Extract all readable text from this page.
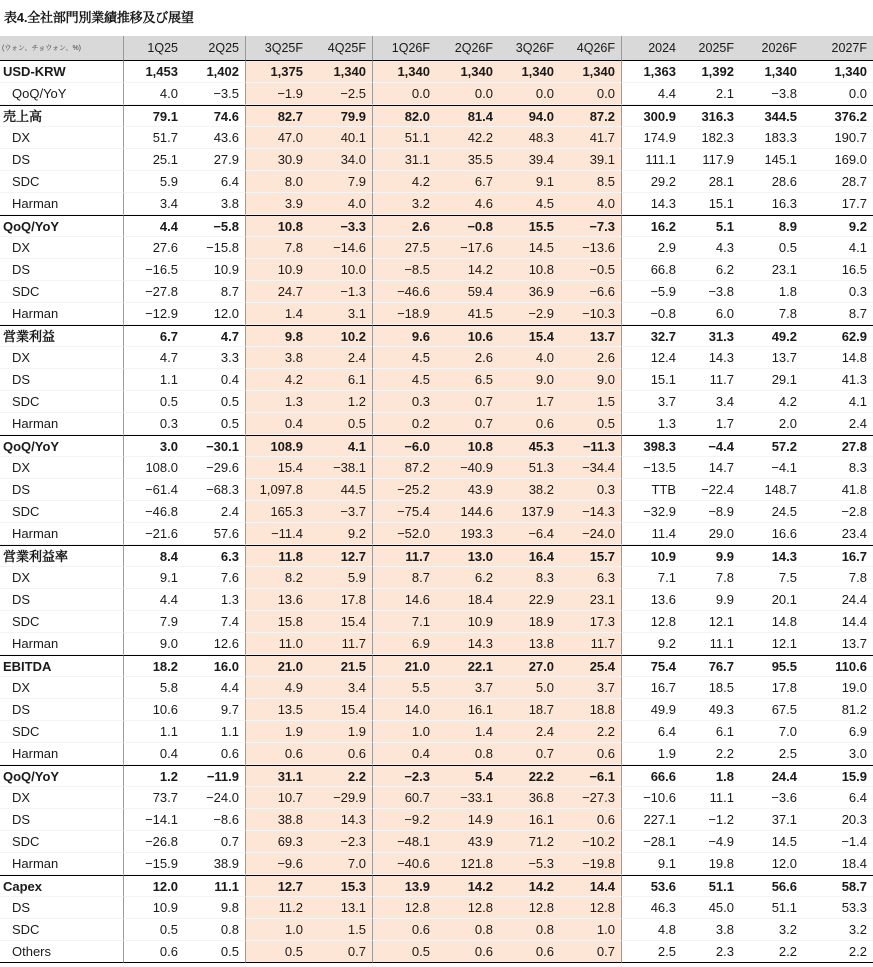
表4.全社部門別業績推移及び展望
(ウォン、チョウォン、%)	1Q25	2Q25	3Q25F	4Q25F	1Q26F	2Q26F	3Q26F	4Q26F	2024	2025F	2026F	2027F
USD-KRW	1,453	1,402	1,375	1,340	1,340	1,340	1,340	1,340	1,363	1,392	1,340	1,340
QoQ/YoY	4.0	−3.5	−1.9	−2.5	0.0	0.0	0.0	0.0	4.4	2.1	−3.8	0.0
売上高	79.1	74.6	82.7	79.9	82.0	81.4	94.0	87.2	300.9	316.3	344.5	376.2
DX	51.7	43.6	47.0	40.1	51.1	42.2	48.3	41.7	174.9	182.3	183.3	190.7
DS	25.1	27.9	30.9	34.0	31.1	35.5	39.4	39.1	111.1	117.9	145.1	169.0
SDC	5.9	6.4	8.0	7.9	4.2	6.7	9.1	8.5	29.2	28.1	28.6	28.7
Harman	3.4	3.8	3.9	4.0	3.2	4.6	4.5	4.0	14.3	15.1	16.3	17.7
QoQ/YoY	4.4	−5.8	10.8	−3.3	2.6	−0.8	15.5	−7.3	16.2	5.1	8.9	9.2
DX	27.6	−15.8	7.8	−14.6	27.5	−17.6	14.5	−13.6	2.9	4.3	0.5	4.1
DS	−16.5	10.9	10.9	10.0	−8.5	14.2	10.8	−0.5	66.8	6.2	23.1	16.5
SDC	−27.8	8.7	24.7	−1.3	−46.6	59.4	36.9	−6.6	−5.9	−3.8	1.8	0.3
Harman	−12.9	12.0	1.4	3.1	−18.9	41.5	−2.9	−10.3	−0.8	6.0	7.8	8.7
営業利益	6.7	4.7	9.8	10.2	9.6	10.6	15.4	13.7	32.7	31.3	49.2	62.9
DX	4.7	3.3	3.8	2.4	4.5	2.6	4.0	2.6	12.4	14.3	13.7	14.8
DS	1.1	0.4	4.2	6.1	4.5	6.5	9.0	9.0	15.1	11.7	29.1	41.3
SDC	0.5	0.5	1.3	1.2	0.3	0.7	1.7	1.5	3.7	3.4	4.2	4.1
Harman	0.3	0.5	0.4	0.5	0.2	0.7	0.6	0.5	1.3	1.7	2.0	2.4
QoQ/YoY	3.0	−30.1	108.9	4.1	−6.0	10.8	45.3	−11.3	398.3	−4.4	57.2	27.8
DX	108.0	−29.6	15.4	−38.1	87.2	−40.9	51.3	−34.4	−13.5	14.7	−4.1	8.3
DS	−61.4	−68.3	1,097.8	44.5	−25.2	43.9	38.2	0.3	TTB	−22.4	148.7	41.8
SDC	−46.8	2.4	165.3	−3.7	−75.4	144.6	137.9	−14.3	−32.9	−8.9	24.5	−2.8
Harman	−21.6	57.6	−11.4	9.2	−52.0	193.3	−6.4	−24.0	11.4	29.0	16.6	23.4
営業利益率	8.4	6.3	11.8	12.7	11.7	13.0	16.4	15.7	10.9	9.9	14.3	16.7
DX	9.1	7.6	8.2	5.9	8.7	6.2	8.3	6.3	7.1	7.8	7.5	7.8
DS	4.4	1.3	13.6	17.8	14.6	18.4	22.9	23.1	13.6	9.9	20.1	24.4
SDC	7.9	7.4	15.8	15.4	7.1	10.9	18.9	17.3	12.8	12.1	14.8	14.4
Harman	9.0	12.6	11.0	11.7	6.9	14.3	13.8	11.7	9.2	11.1	12.1	13.7
EBITDA	18.2	16.0	21.0	21.5	21.0	22.1	27.0	25.4	75.4	76.7	95.5	110.6
DX	5.8	4.4	4.9	3.4	5.5	3.7	5.0	3.7	16.7	18.5	17.8	19.0
DS	10.6	9.7	13.5	15.4	14.0	16.1	18.7	18.8	49.9	49.3	67.5	81.2
SDC	1.1	1.1	1.9	1.9	1.0	1.4	2.4	2.2	6.4	6.1	7.0	6.9
Harman	0.4	0.6	0.6	0.6	0.4	0.8	0.7	0.6	1.9	2.2	2.5	3.0
QoQ/YoY	1.2	−11.9	31.1	2.2	−2.3	5.4	22.2	−6.1	66.6	1.8	24.4	15.9
DX	73.7	−24.0	10.7	−29.9	60.7	−33.1	36.8	−27.3	−10.6	11.1	−3.6	6.4
DS	−14.1	−8.6	38.8	14.3	−9.2	14.9	16.1	0.6	227.1	−1.2	37.1	20.3
SDC	−26.8	0.7	69.3	−2.3	−48.1	43.9	71.2	−10.2	−28.1	−4.9	14.5	−1.4
Harman	−15.9	38.9	−9.6	7.0	−40.6	121.8	−5.3	−19.8	9.1	19.8	12.0	18.4
Capex	12.0	11.1	12.7	15.3	13.9	14.2	14.2	14.4	53.6	51.1	56.6	58.7
DS	10.9	9.8	11.2	13.1	12.8	12.8	12.8	12.8	46.3	45.0	51.1	53.3
SDC	0.5	0.8	1.0	1.5	0.6	0.8	0.8	1.0	4.8	3.8	3.2	3.2
Others	0.6	0.5	0.5	0.7	0.5	0.6	0.6	0.7	2.5	2.3	2.2	2.2
